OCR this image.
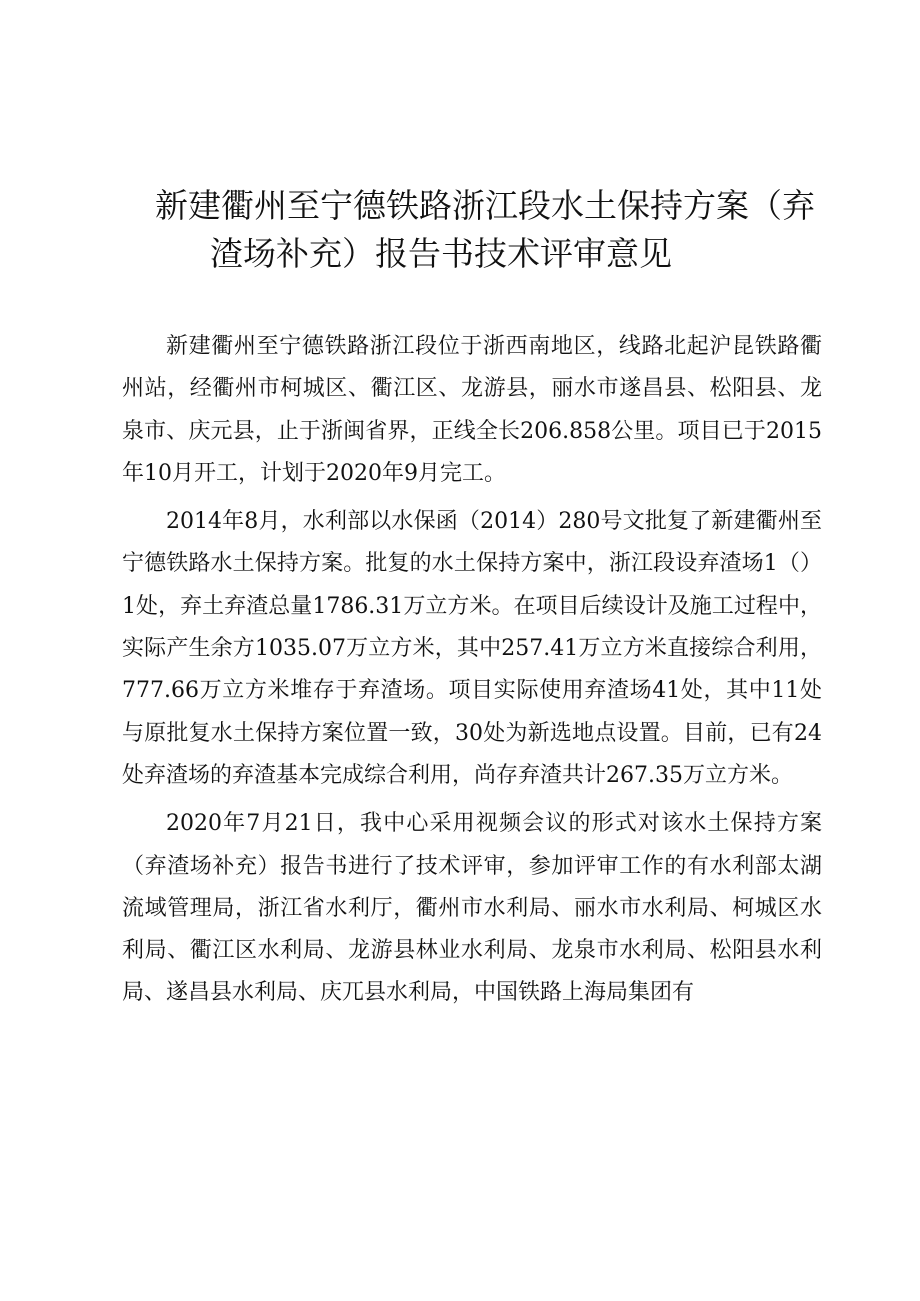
新建衢州至宁德铁路浙江段水土保持方案（弃
渣场补充）报告书技术评审意见

新建衢州至宁德铁路浙江段位于浙西南地区，线路北起沪昆铁路衢州站，经衢州市柯城区、衢江区、龙游县，丽水市遂昌县、松阳县、龙泉市、庆元县，止于浙闽省界，正线全长206.858公里。项目已于2015年10月开工，计划于2020年9月完工。

2014年8月，水利部以水保函（2014）280号文批复了新建衢州至宁德铁路水土保持方案。批复的水土保持方案中，浙江段设弃渣场1（）1处，弃土弃渣总量1786.31万立方米。在项目后续设计及施工过程中，实际产生余方1035.07万立方米，其中257.41万立方米直接综合利用，777.66万立方米堆存于弃渣场。项目实际使用弃渣场41处，其中11处与原批复水土保持方案位置一致，30处为新选地点设置。目前，已有24处弃渣场的弃渣基本完成综合利用，尚存弃渣共计267.35万立方米。

2020年7月21日，我中心采用视频会议的形式对该水土保持方案（弃渣场补充）报告书进行了技术评审，参加评审工作的有水利部太湖流域管理局，浙江省水利厅，衢州市水利局、丽水市水利局、柯城区水利局、衢江区水利局、龙游县林业水利局、龙泉市水利局、松阳县水利局、遂昌县水利局、庆兀县水利局，中国铁路上海局集团有
